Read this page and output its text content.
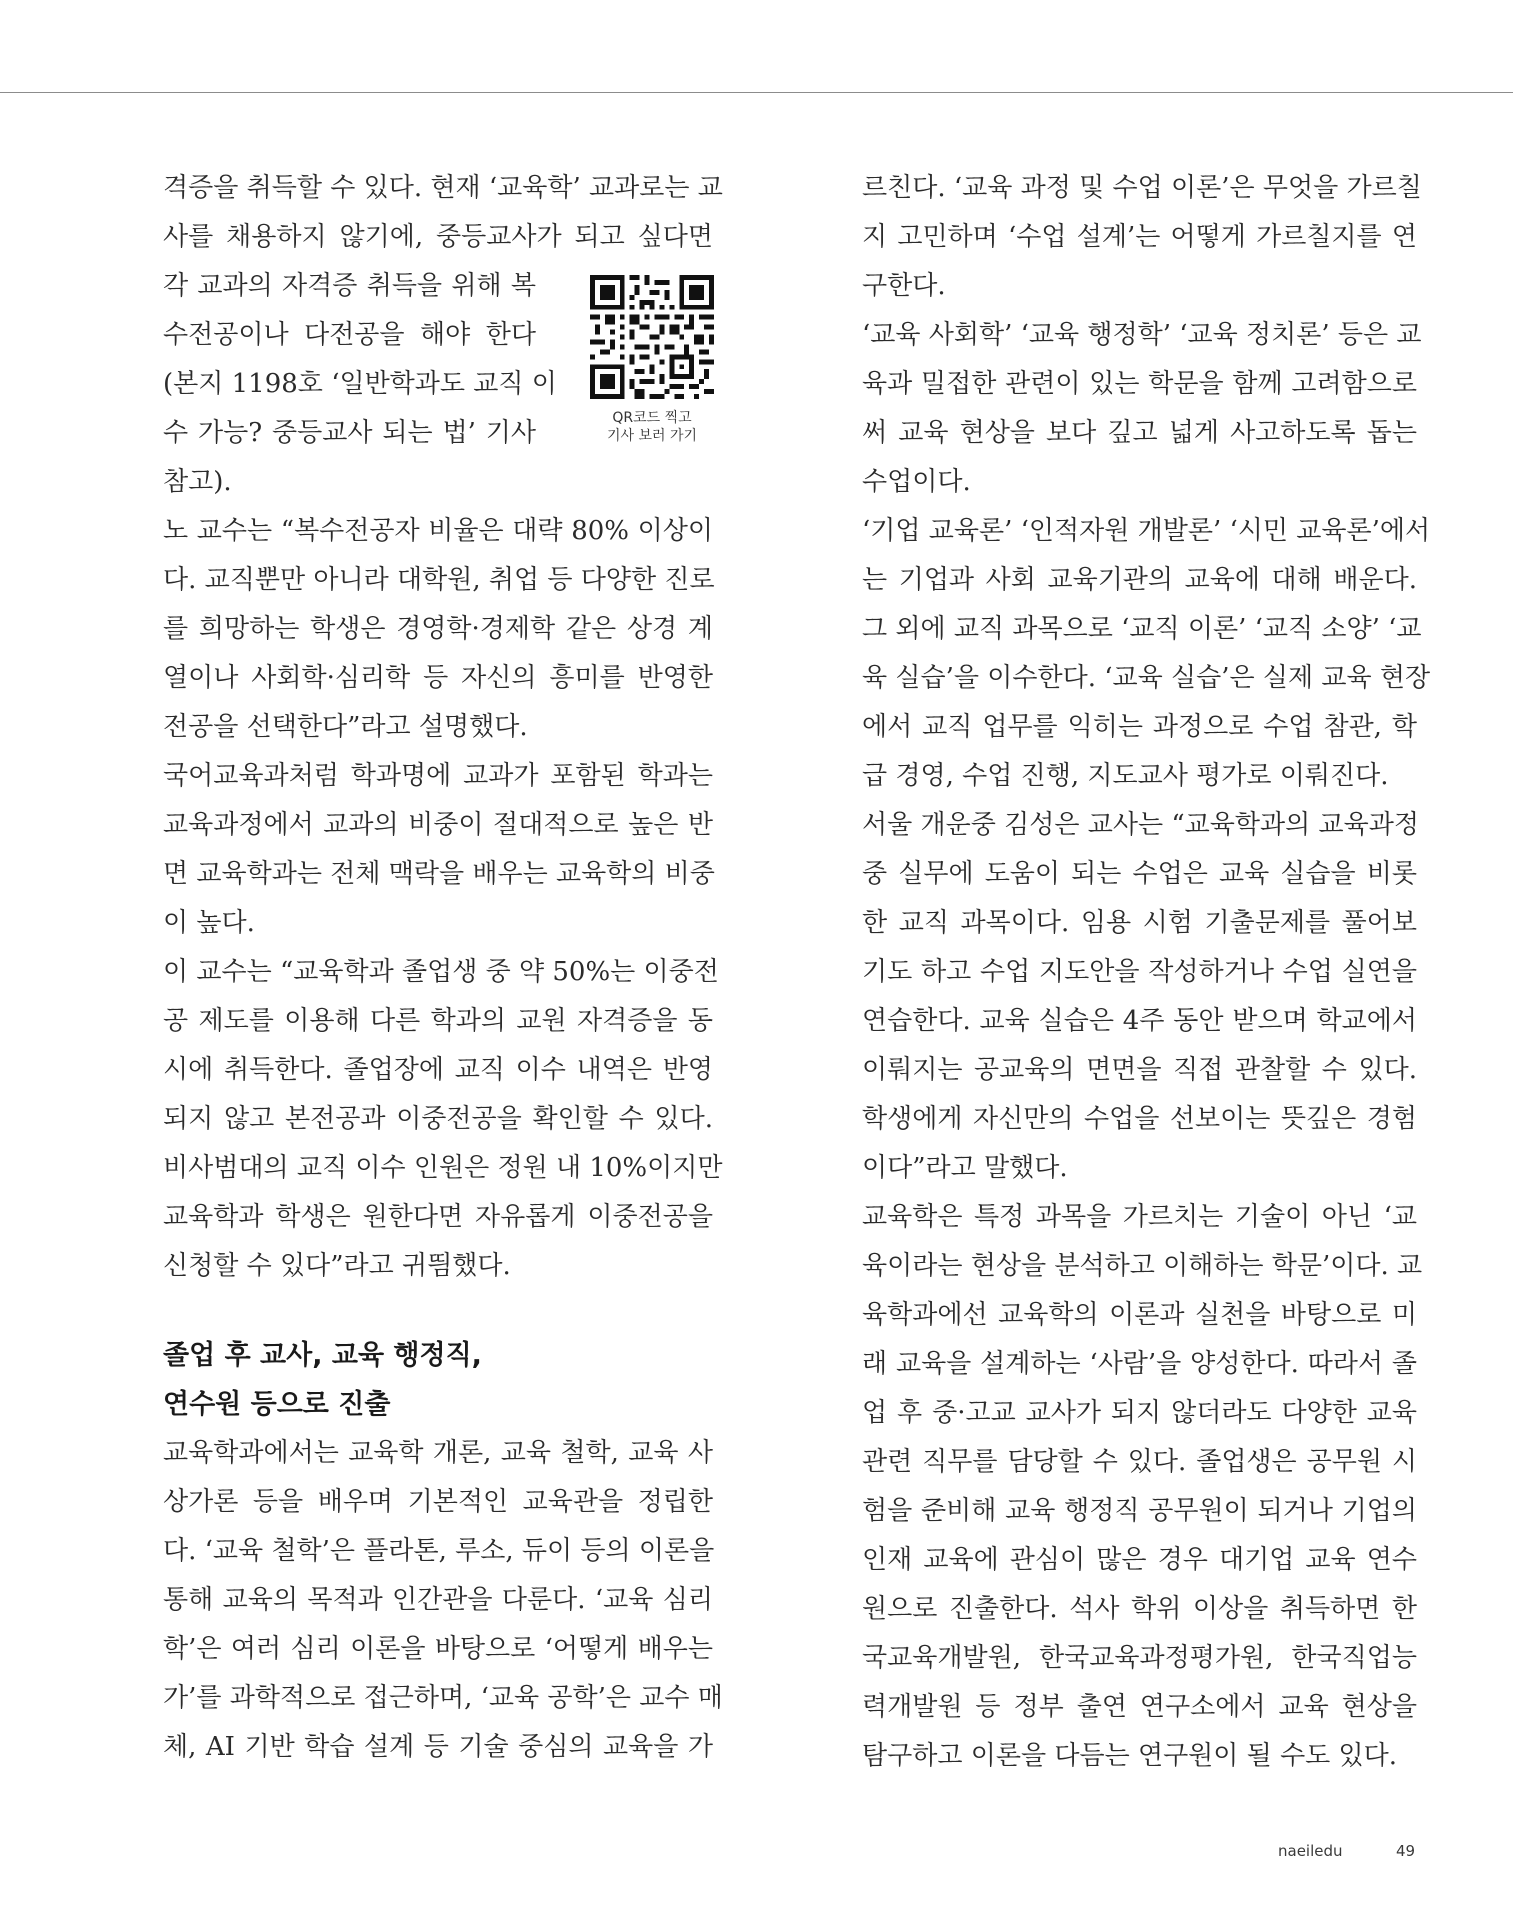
격증을 취득할 수 있다. 현재 ‘교육학’ 교과로는 교
사를 채용하지 않기에, 중등교사가 되고 싶다면
각 교과의 자격증 취득을 위해 복
수전공이나 다전공을 해야 한다
(본지 1198호 ‘일반학과도 교직 이
수 가능? 중등교사 되는 법’ 기사
참고).
노 교수는 “복수전공자 비율은 대략 80% 이상이
다. 교직뿐만 아니라 대학원, 취업 등 다양한 진로
를 희망하는 학생은 경영학·경제학 같은 상경 계
열이나 사회학·심리학 등 자신의 흥미를 반영한
전공을 선택한다”라고 설명했다.
국어교육과처럼 학과명에 교과가 포함된 학과는
교육과정에서 교과의 비중이 절대적으로 높은 반
면 교육학과는 전체 맥락을 배우는 교육학의 비중
이 높다.
이 교수는 “교육학과 졸업생 중 약 50%는 이중전
공 제도를 이용해 다른 학과의 교원 자격증을 동
시에 취득한다. 졸업장에 교직 이수 내역은 반영
되지 않고 본전공과 이중전공을 확인할 수 있다.
비사범대의 교직 이수 인원은 정원 내 10%이지만
교육학과 학생은 원한다면 자유롭게 이중전공을
신청할 수 있다”라고 귀띔했다.
졸업 후 교사, 교육 행정직,
연수원 등으로 진출
교육학과에서는 교육학 개론, 교육 철학, 교육 사
상가론 등을 배우며 기본적인 교육관을 정립한
다. ‘교육 철학’은 플라톤, 루소, 듀이 등의 이론을
통해 교육의 목적과 인간관을 다룬다. ‘교육 심리
학’은 여러 심리 이론을 바탕으로 ‘어떻게 배우는
가’를 과학적으로 접근하며, ‘교육 공학’은 교수 매
체, AI 기반 학습 설계 등 기술 중심의 교육을 가
QR코드 찍고
기사 보러 가기
르친다. ‘교육 과정 및 수업 이론’은 무엇을 가르칠
지 고민하며 ‘수업 설계’는 어떻게 가르칠지를 연
구한다.
‘교육 사회학’ ‘교육 행정학’ ‘교육 정치론’ 등은 교
육과 밀접한 관련이 있는 학문을 함께 고려함으로
써 교육 현상을 보다 깊고 넓게 사고하도록 돕는
수업이다.
‘기업 교육론’ ‘인적자원 개발론’ ‘시민 교육론’에서
는 기업과 사회 교육기관의 교육에 대해 배운다.
그 외에 교직 과목으로 ‘교직 이론’ ‘교직 소양’ ‘교
육 실습’을 이수한다. ‘교육 실습’은 실제 교육 현장
에서 교직 업무를 익히는 과정으로 수업 참관, 학
급 경영, 수업 진행, 지도교사 평가로 이뤄진다.
서울 개운중 김성은 교사는 “교육학과의 교육과정
중 실무에 도움이 되는 수업은 교육 실습을 비롯
한 교직 과목이다. 임용 시험 기출문제를 풀어보
기도 하고 수업 지도안을 작성하거나 수업 실연을
연습한다. 교육 실습은 4주 동안 받으며 학교에서
이뤄지는 공교육의 면면을 직접 관찰할 수 있다.
학생에게 자신만의 수업을 선보이는 뜻깊은 경험
이다”라고 말했다.
교육학은 특정 과목을 가르치는 기술이 아닌 ‘교
육이라는 현상을 분석하고 이해하는 학문’이다. 교
육학과에선 교육학의 이론과 실천을 바탕으로 미
래 교육을 설계하는 ‘사람’을 양성한다. 따라서 졸
업 후 중·고교 교사가 되지 않더라도 다양한 교육
관련 직무를 담당할 수 있다. 졸업생은 공무원 시
험을 준비해 교육 행정직 공무원이 되거나 기업의
인재 교육에 관심이 많은 경우 대기업 교육 연수
원으로 진출한다. 석사 학위 이상을 취득하면 한
국교육개발원, 한국교육과정평가원, 한국직업능
력개발원 등 정부 출연 연구소에서 교육 현상을
탐구하고 이론을 다듬는 연구원이 될 수도 있다.
naeiledu	49
